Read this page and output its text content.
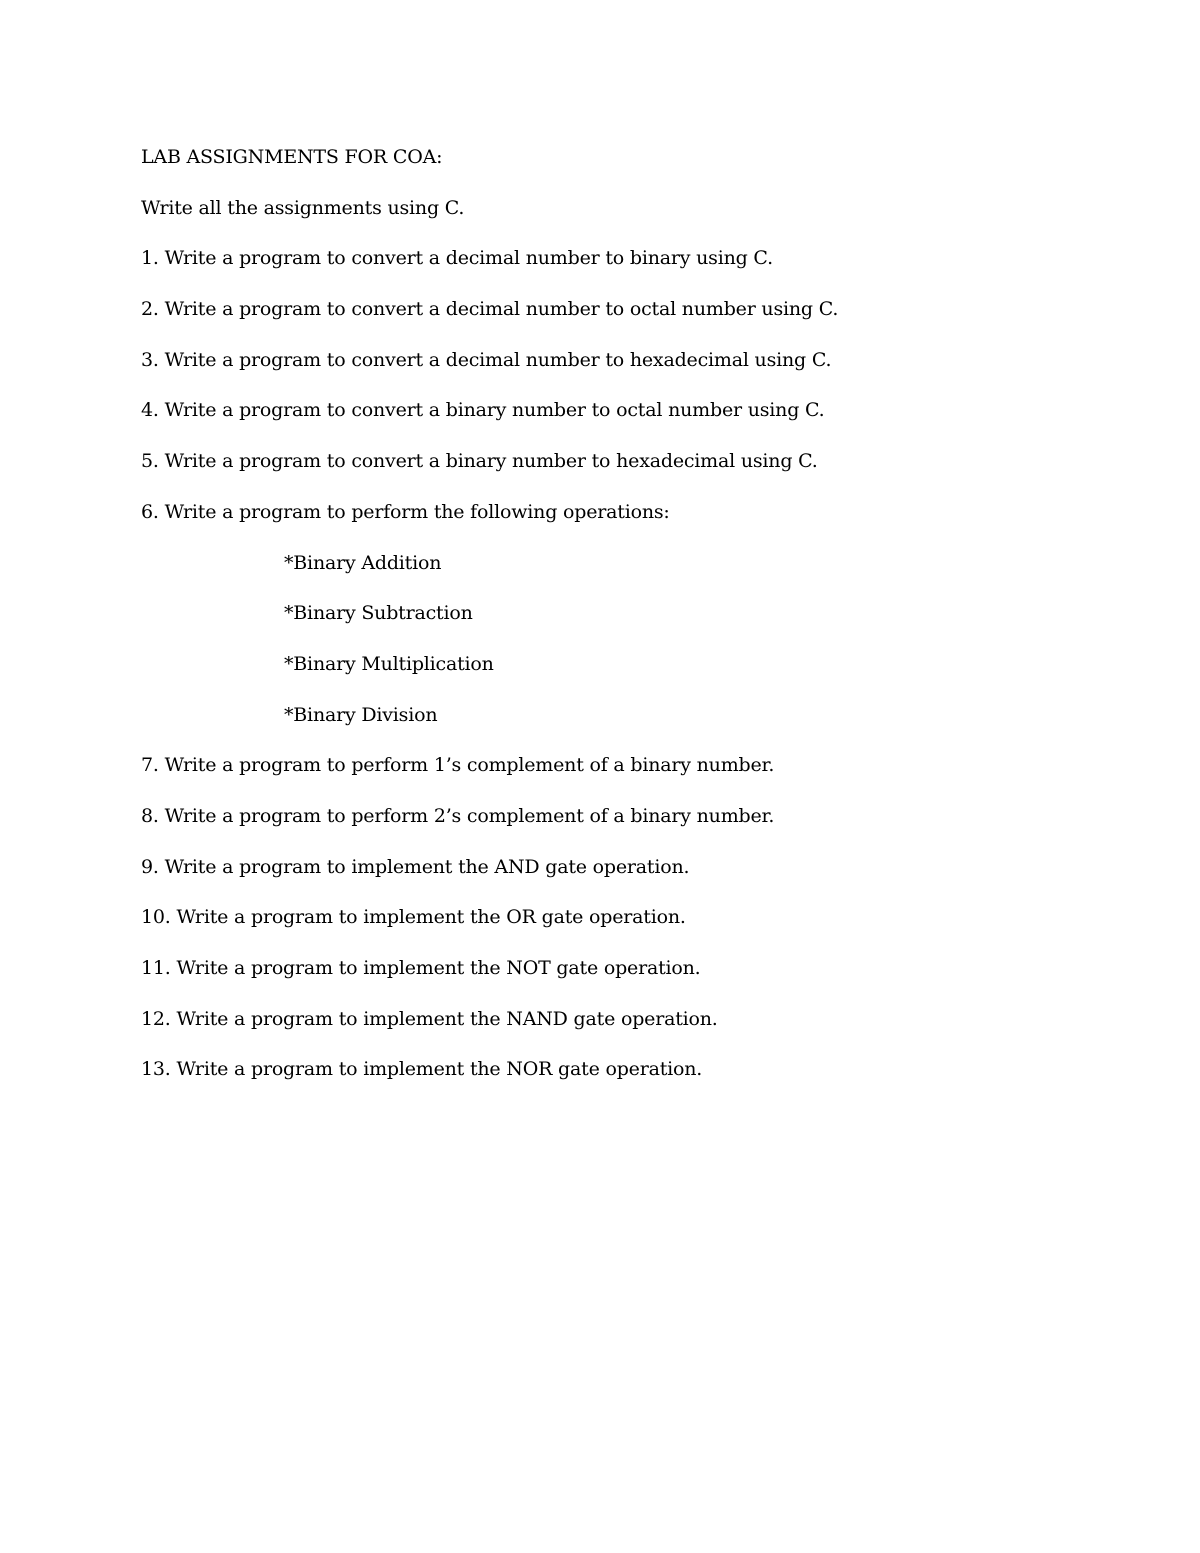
LAB ASSIGNMENTS FOR COA:
Write all the assignments using C.
1. Write a program to convert a decimal number to binary using C.
2. Write a program to convert a decimal number to octal number using C.
3. Write a program to convert a decimal number to hexadecimal using C.
4. Write a program to convert a binary number to octal number using C.
5. Write a program to convert a binary number to hexadecimal using C.
6. Write a program to perform the following operations:
*Binary Addition
*Binary Subtraction
*Binary Multiplication
*Binary Division
7. Write a program to perform 1’s complement of a binary number.
8. Write a program to perform 2’s complement of a binary number.
9. Write a program to implement the AND gate operation.
10. Write a program to implement the OR gate operation.
11. Write a program to implement the NOT gate operation.
12. Write a program to implement the NAND gate operation.
13. Write a program to implement the NOR gate operation.
